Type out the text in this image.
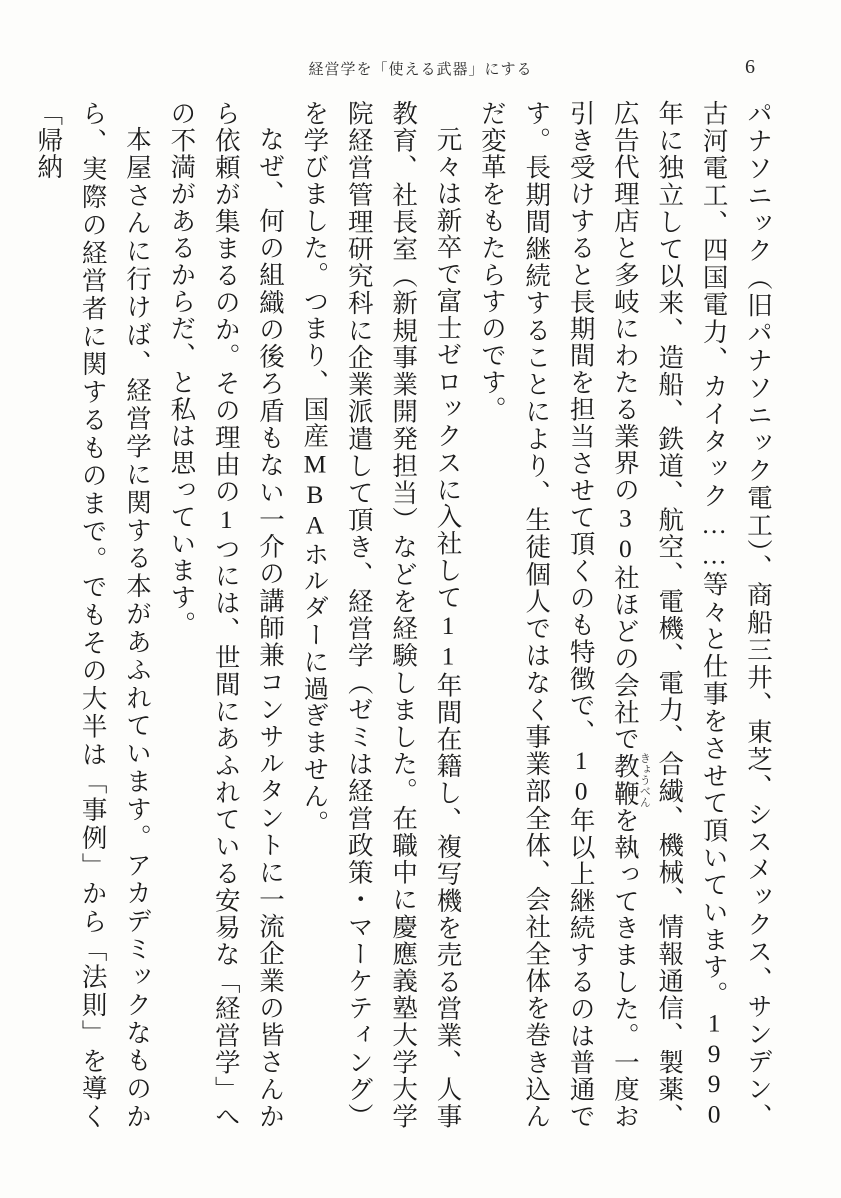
経営学を「使える武器」にする	6

パナソニック（旧パナソニック電工）、商船三井、東芝、シスメックス、サンデン、古河電工、四国電力、カイタック……等々と仕事をさせて頂いています。1990年に独立して以来、造船、鉄道、航空、電機、電力、合繊、機械、情報通信、製薬、広告代理店と多岐にわたる業界の30社ほどの会社で教鞭きょうべんを執ってきました。一度お引き受けすると長期間を担当させて頂くのも特徴で、10年以上継続するのは普通です。長期間継続することにより、生徒個人ではなく事業部全体、会社全体を巻き込んだ変革をもたらすのです。

元々は新卒で富士ゼロックスに入社して11年間在籍し、複写機を売る営業、人事教育、社長室（新規事業開発担当）などを経験しました。在職中に慶應義塾大学大学院経営管理研究科に企業派遣して頂き、経営学（ゼミは経営政策・マーケティング）を学びました。つまり、国産MBAホルダーに過ぎません。

なぜ、何の組織の後ろ盾もない一介の講師兼コンサルタントに一流企業の皆さんから依頼が集まるのか。その理由の1つには、世間にあふれている安易な「経営学」への不満があるからだ、と私は思っています。

本屋さんに行けば、経営学に関する本があふれています。アカデミックなものから、実際の経営者に関するものまで。でもその大半は「事例」から「法則」を導く「帰納
